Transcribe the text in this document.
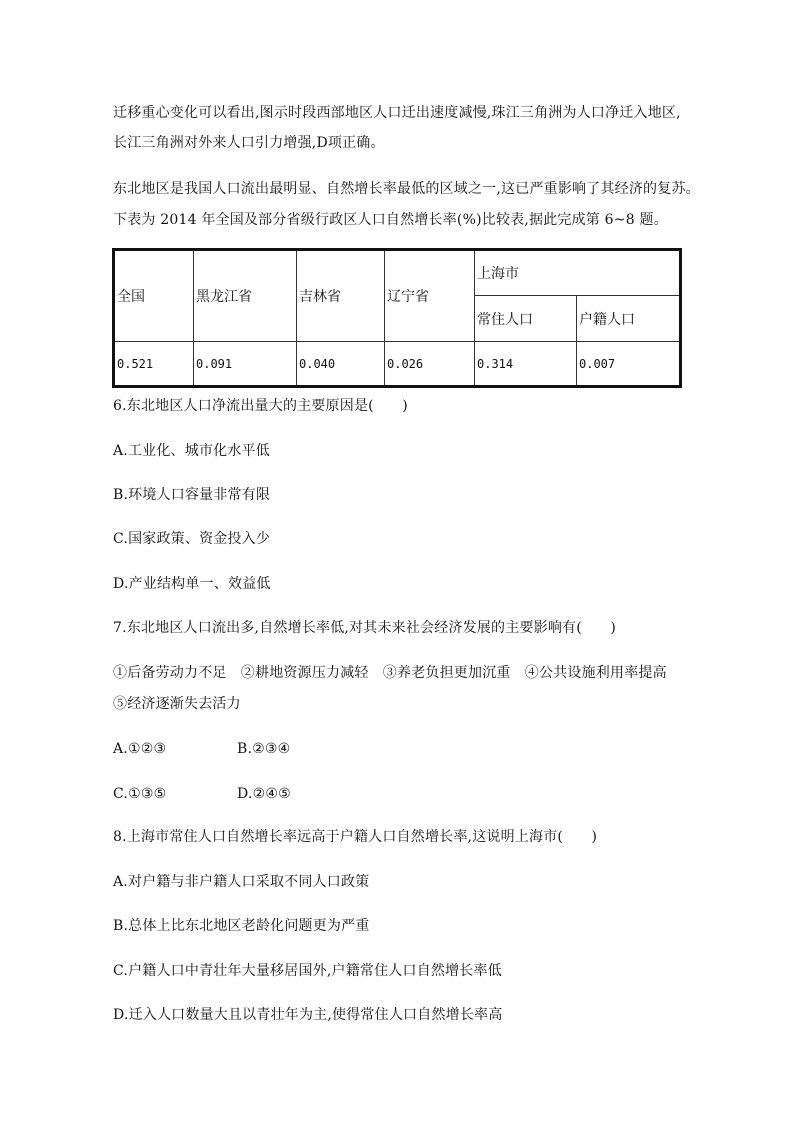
迁移重心变化可以看出,图示时段西部地区人口迁出速度减慢,珠江三角洲为人口净迁入地区,
长江三角洲对外来人口引力增强,D项正确。
东北地区是我国人口流出最明显、自然增长率最低的区域之一,这已严重影响了其经济的复苏。
下表为 2014 年全国及部分省级行政区人口自然增长率(%)比较表,据此完成第 6~8 题。
全国	黑龙江省	吉林省	辽宁省	上海市	
				常住人口	户籍人口
0.521	0.091	0.040	0.026	0.314	0.007
6.东北地区人口净流出量大的主要原因是(　　)
A.工业化、城市化水平低
B.环境人口容量非常有限
C.国家政策、资金投入少
D.产业结构单一、效益低
7.东北地区人口流出多,自然增长率低,对其未来社会经济发展的主要影响有(　　)
①后备劳动力不足　②耕地资源压力减轻　③养老负担更加沉重　④公共设施利用率提高
⑤经济逐渐失去活力
A.①②③	B.②③④
C.①③⑤	D.②④⑤
8.上海市常住人口自然增长率远高于户籍人口自然增长率,这说明上海市(　　)
A.对户籍与非户籍人口采取不同人口政策
B.总体上比东北地区老龄化问题更为严重
C.户籍人口中青壮年大量移居国外,户籍常住人口自然增长率低
D.迁入人口数量大且以青壮年为主,使得常住人口自然增长率高
